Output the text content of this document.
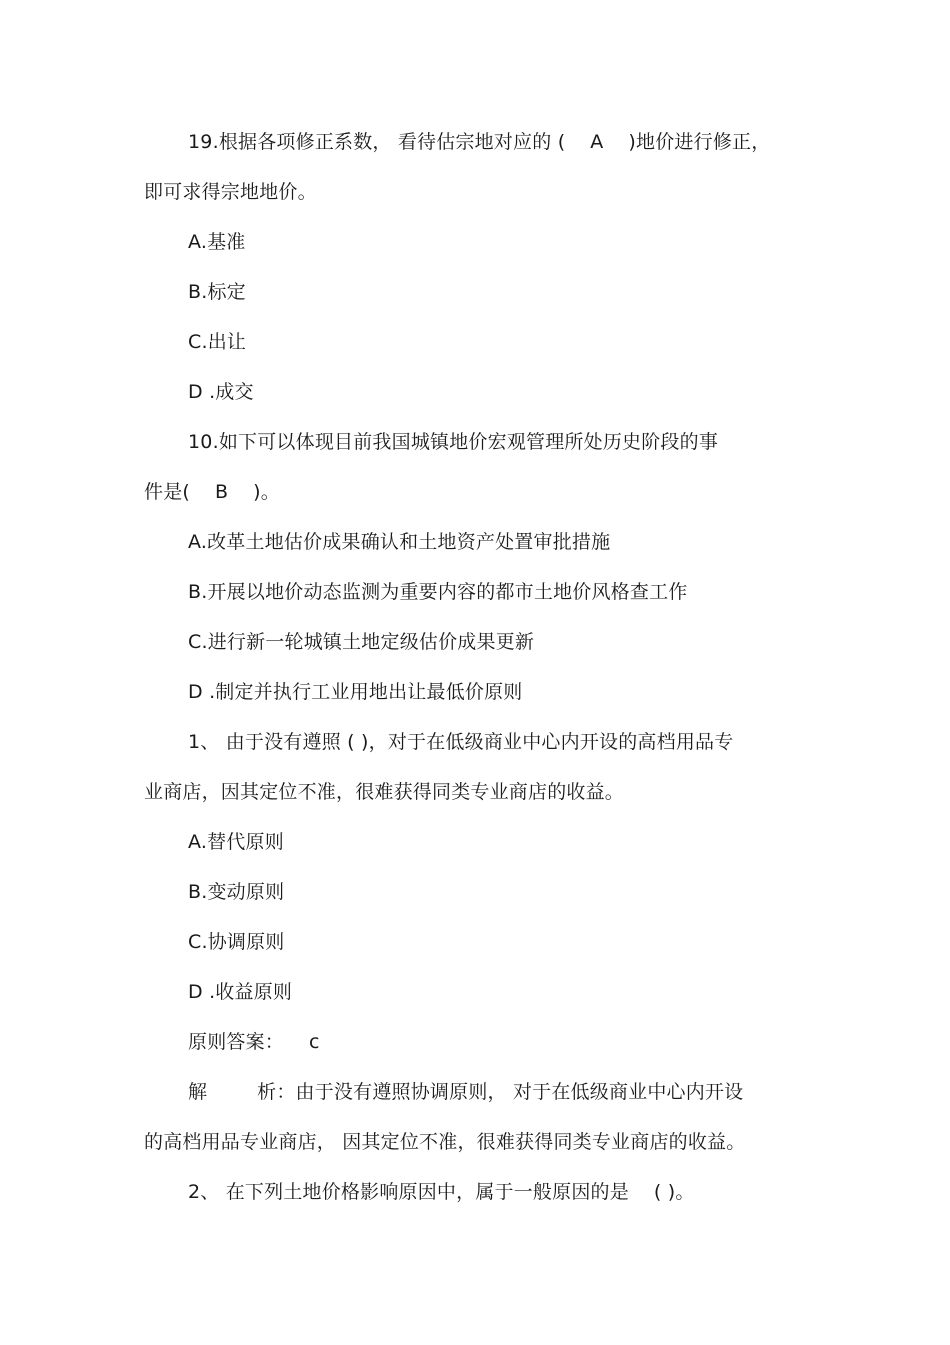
19.根据各项修正系数， 看待估宗地对应的 (    A    )地价进行修正，
即可求得宗地地价。
A.基准
B.标定
C.出让
D .成交
10.如下可以体现目前我国城镇地价宏观管理所处历史阶段的事
件是(    B    )。
A.改革土地估价成果确认和土地资产处置审批措施
B.开展以地价动态监测为重要内容的都市土地价风格查工作
C.进行新一轮城镇土地定级估价成果更新
D .制定并执行工业用地出让最低价原则
1、 由于没有遵照 ( )，对于在低级商业中心内开设的高档用品专
业商店，因其定位不准，很难获得同类专业商店的收益。
A.替代原则
B.变动原则
C.协调原则
D .收益原则
原则答案：    c
解        析：由于没有遵照协调原则， 对于在低级商业中心内开设
的高档用品专业商店， 因其定位不准，很难获得同类专业商店的收益。
2、 在下列土地价格影响原因中，属于一般原因的是    ( )。
